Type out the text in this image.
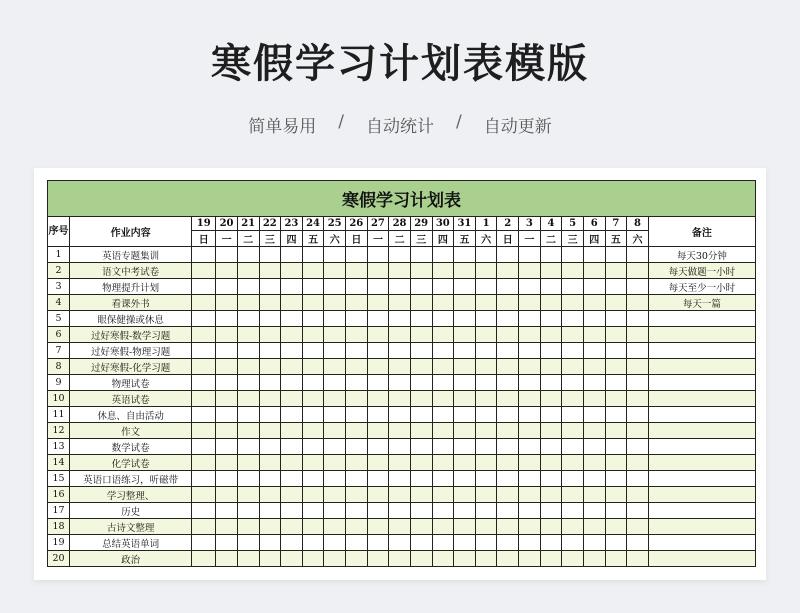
寒假学习计划表模版
简单易用 / 自动统计 / 自动更新
寒假学习计划表																							
序号	作业内容	19	20	21	22	23	24	25	26	27	28	29	30	31	1	2	3	4	5	6	7	8	备注
		日	一	二	三	四	五	六	日	一	二	三	四	五	六	日	一	二	三	四	五	六	
1	英语专题集训																						每天30分钟
2	语文中考试卷																						每天做题一小时
3	物理提升计划																						每天至少一小时
4	看课外书																						每天一篇
5	眼保健操或休息																						
6	过好寒假-数学习题																						
7	过好寒假-物理习题																						
8	过好寒假-化学习题																						
9	物理试卷																						
10	英语试卷																						
11	休息、自由活动																						
12	作文																						
13	数学试卷																						
14	化学试卷																						
15	英语口语练习，听磁带																						
16	学习整理、																						
17	历史																						
18	古诗文整理																						
19	总结英语单词																						
20	政治																						
